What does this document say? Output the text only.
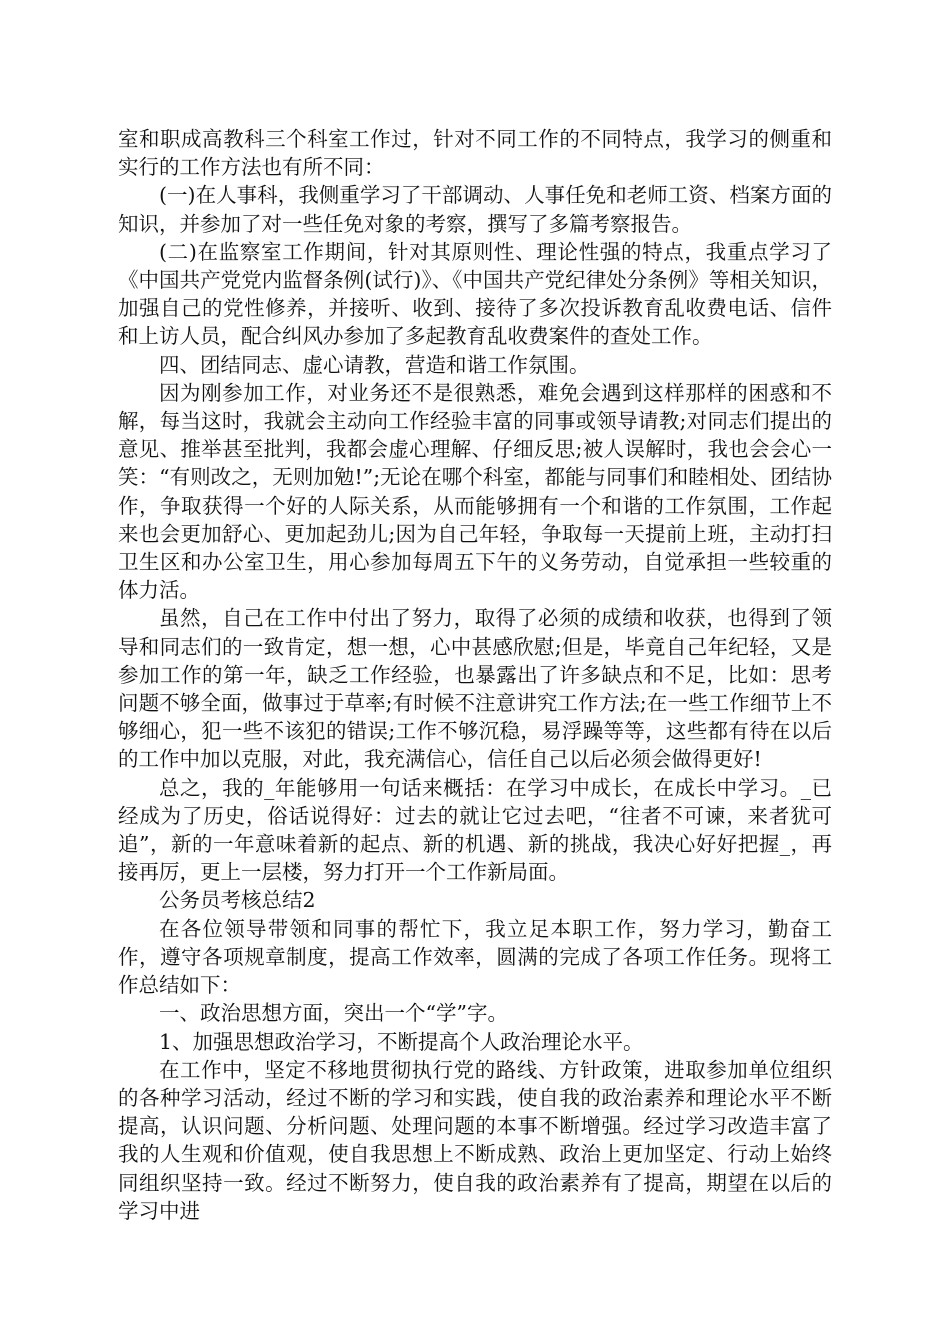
室和职成高教科三个科室工作过，针对不同工作的不同特点，我学习的侧重和实行的工作方法也有所不同：

(一)在人事科，我侧重学习了干部调动、人事任免和老师工资、档案方面的知识，并参加了对一些任免对象的考察，撰写了多篇考察报告。

(二)在监察室工作期间，针对其原则性、理论性强的特点，我重点学习了《中国共产党党内监督条例(试行)》、《中国共产党纪律处分条例》等相关知识，加强自己的党性修养，并接听、收到、接待了多次投诉教育乱收费电话、信件和上访人员，配合纠风办参加了多起教育乱收费案件的查处工作。

四、团结同志、虚心请教，营造和谐工作氛围。

因为刚参加工作，对业务还不是很熟悉，难免会遇到这样那样的困惑和不解，每当这时，我就会主动向工作经验丰富的同事或领导请教;对同志们提出的意见、推举甚至批判，我都会虚心理解、仔细反思;被人误解时，我也会会心一笑：“有则改之，无则加勉!”;无论在哪个科室，都能与同事们和睦相处、团结协作，争取获得一个好的人际关系，从而能够拥有一个和谐的工作氛围，工作起来也会更加舒心、更加起劲儿;因为自己年轻，争取每一天提前上班，主动打扫卫生区和办公室卫生，用心参加每周五下午的义务劳动，自觉承担一些较重的体力活。

虽然，自己在工作中付出了努力，取得了必须的成绩和收获，也得到了领导和同志们的一致肯定，想一想，心中甚感欣慰;但是，毕竟自己年纪轻，又是参加工作的第一年，缺乏工作经验，也暴露出了许多缺点和不足，比如：思考问题不够全面，做事过于草率;有时候不注意讲究工作方法;在一些工作细节上不够细心，犯一些不该犯的错误;工作不够沉稳，易浮躁等等，这些都有待在以后的工作中加以克服，对此，我充满信心，信任自己以后必须会做得更好!

总之，我的_年能够用一句话来概括：在学习中成长，在成长中学习。_已经成为了历史，俗话说得好：过去的就让它过去吧，“往者不可谏，来者犹可追”，新的一年意味着新的起点、新的机遇、新的挑战，我决心好好把握_，再接再厉，更上一层楼，努力打开一个工作新局面。

公务员考核总结2

在各位领导带领和同事的帮忙下，我立足本职工作，努力学习，勤奋工作，遵守各项规章制度，提高工作效率，圆满的完成了各项工作任务。现将工作总结如下：

一、政治思想方面，突出一个“学”字。

1、加强思想政治学习，不断提高个人政治理论水平。

在工作中，坚定不移地贯彻执行党的路线、方针政策，进取参加单位组织的各种学习活动，经过不断的学习和实践，使自我的政治素养和理论水平不断提高，认识问题、分析问题、处理问题的本事不断增强。经过学习改造丰富了我的人生观和价值观，使自我思想上不断成熟、政治上更加坚定、行动上始终同组织坚持一致。经过不断努力，使自我的政治素养有了提高，期望在以后的学习中进
